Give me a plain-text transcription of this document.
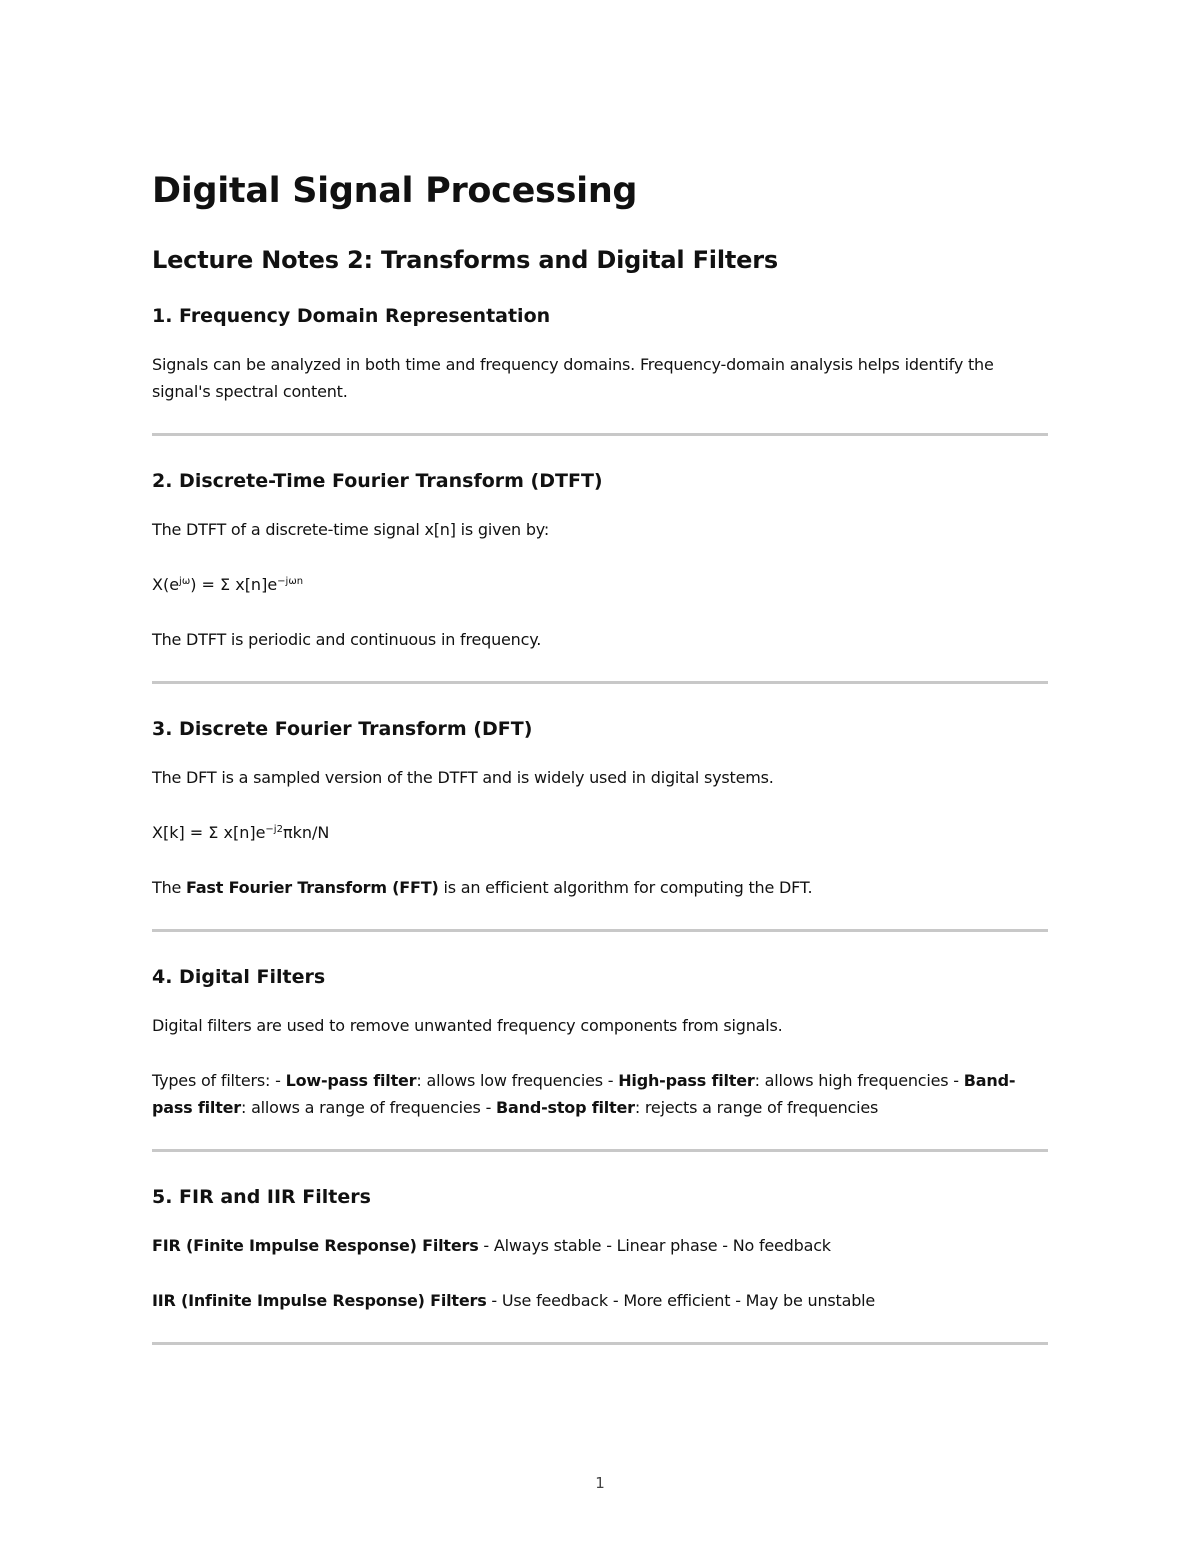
Digital Signal Processing
Lecture Notes 2: Transforms and Digital Filters
1. Frequency Domain Representation

Signals can be analyzed in both time and frequency domains. Frequency-domain analysis helps identify the signal's spectral content.

2. Discrete-Time Fourier Transform (DTFT)

The DTFT of a discrete-time signal x[n] is given by:

$X(e^{j\omega}) = \Sigma$ $x[n]e^{-j\omega n}$

The DTFT is periodic and continuous in frequency.

3. Discrete Fourier Transform (DFT)

The DFT is a sampled version of the DTFT and is widely used in digital systems.

X[k] = Σ $x[n]e^{-j2}\pi kn/N$

The Fast Fourier Transform (FFT) is an efficient algorithm for computing the DFT.

4. Digital Filters

Digital filters are used to remove unwanted frequency components from signals.

Types of filters: - Low-pass filter: allows low frequencies - High-pass filter: allows high frequencies - Band-pass filter: allows a range of frequencies - Band-stop filter: rejects a range of frequencies

5. FIR and IIR Filters

FIR (Finite Impulse Response) Filters - Always stable - Linear phase - No feedback

IIR (Infinite Impulse Response) Filters - Use feedback - More efficient - May be unstable

1
